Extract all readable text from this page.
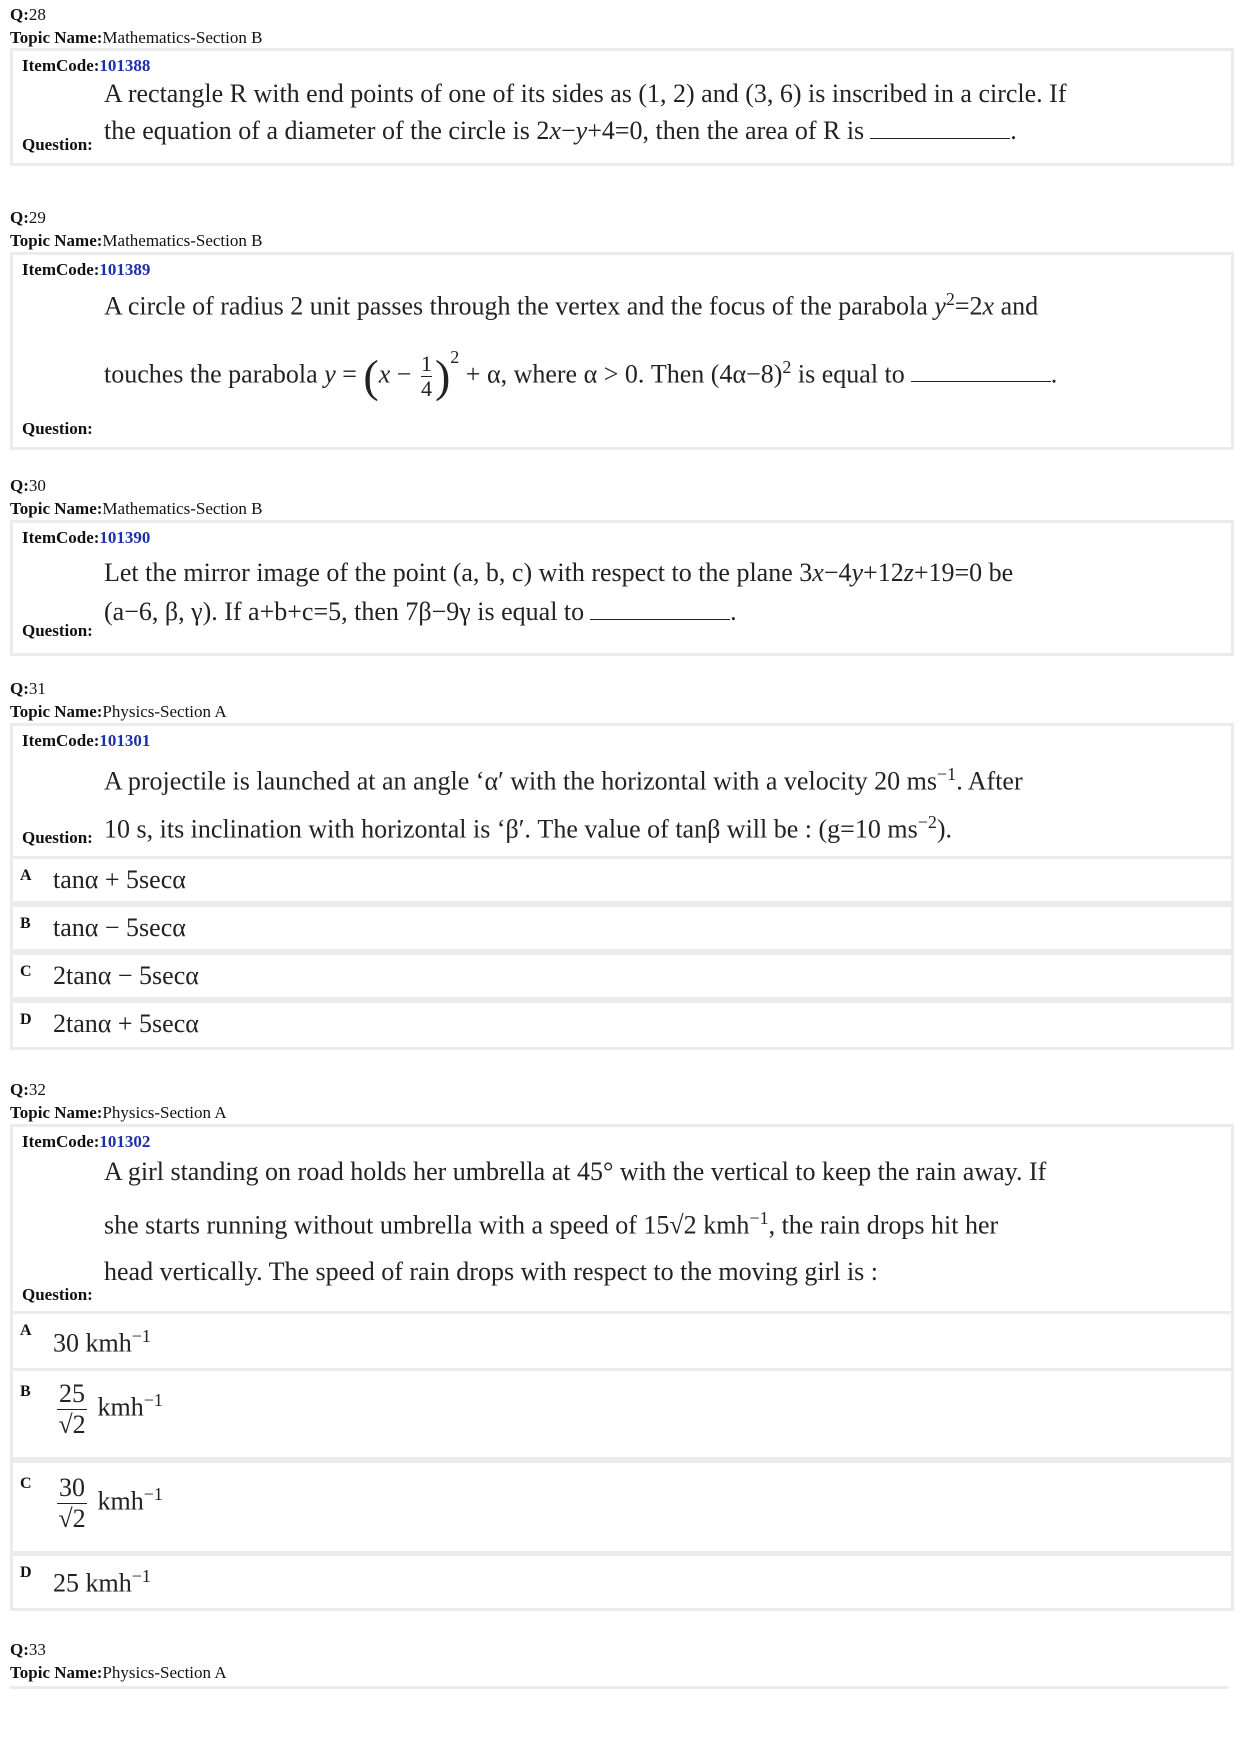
Q:28
Topic Name:Mathematics-Section B
ItemCode:101388
A rectangle R with end points of one of its sides as (1, 2) and (3, 6) is inscribed in a circle. If
the equation of a diameter of the circle is 2x−y+4=0, then the area of R is	.
Question:
Q:29
Topic Name:Mathematics-Section B
ItemCode:101389
A circle of radius 2 unit passes through the vertex and the focus of the parabola $y^2=2x$ and
touches the parabola $y = (x - \frac{1}{4} )^2 + \alpha$, where α > 0. Then $(4\alpha-8)^2$ is equal to	.
Question:
Q:30
Topic Name:Mathematics-Section B
ItemCode:101390
Let the mirror image of the point (a, b, c) with respect to the plane 3x−4y+12z+19=0 be
(a−6, β, γ). If a+b+c=5, then 7β−9γ is equal to	.
Question:
Q:31
Topic Name:Physics-Section A
ItemCode:101301
A projectile is launched at an angle ‘α′ with the horizontal with a velocity 20 $ms^{-1}$. After
10 s, its inclination with horizontal is ‘β′. The value of tanβ will be : (g=10 $ms^{-2}$).
Question:
A tanα + 5secα
B tanα − 5secα
C 2tanα − 5secα
D 2tanα + 5secα
Q:32
Topic Name:Physics-Section A
ItemCode:101302
A girl standing on road holds her umbrella at 45° with the vertical to keep the rain away. If
she starts running without umbrella with a speed of 15√2 kmh$^{-1}$, the rain drops hit her
head vertically. The speed of rain drops with respect to the moving girl is :
Question:
A 30 kmh$^{-1}$
B $\frac{25}{√2} kmh^{-1}$
C $\frac{30}{√2} kmh^{-1}$
D 25 kmh$^{-1}$
Q:33
Topic Name:Physics-Section A
